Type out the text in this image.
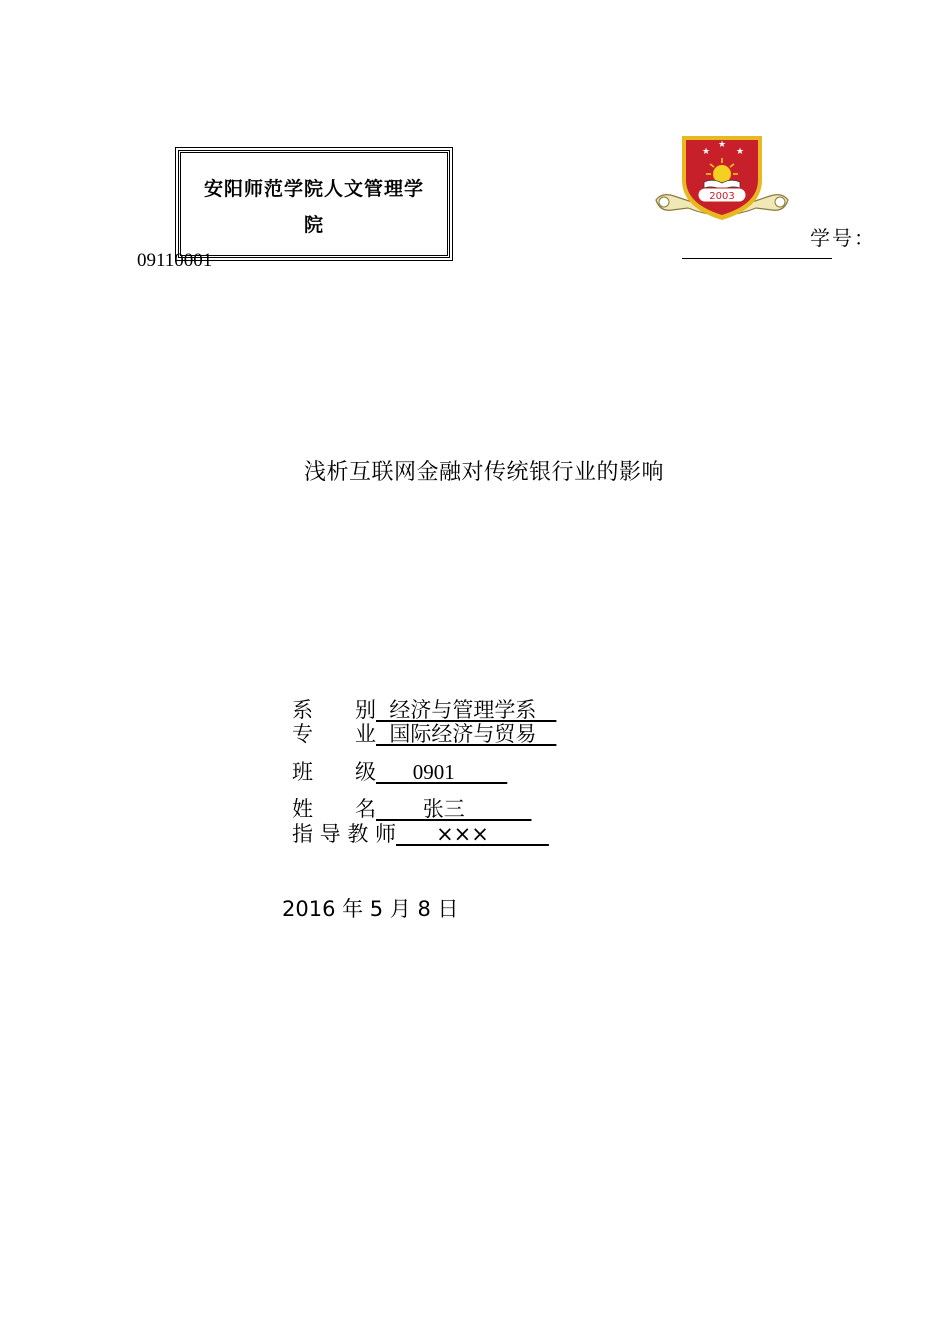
安阳师范学院人文管理学院
09110001
★
★
★
2003
学号：
浅析互联网金融对传统银行业的影响
系　　别  经济与管理学系
专　　业  国际经济与贸易
班　　级       0901
姓　　名       张三
指 导 教 师      ×××
2016 年 5 月 8 日
